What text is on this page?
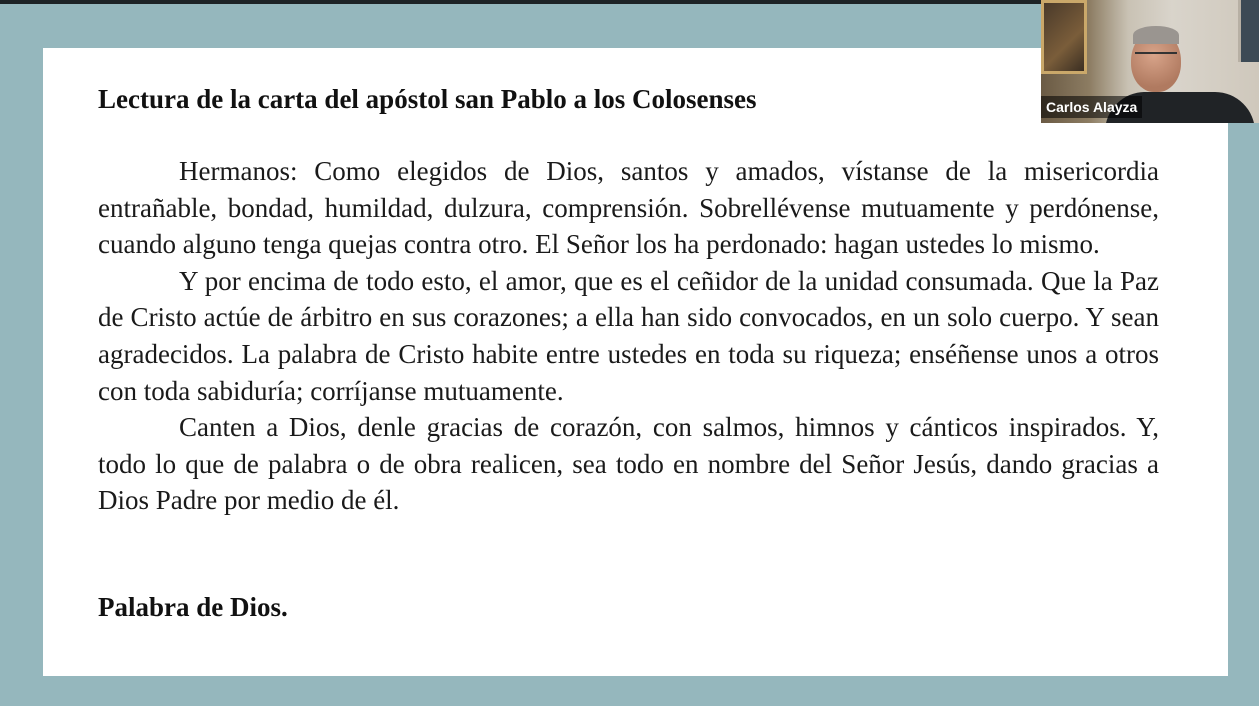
Lectura de la carta del apóstol san Pablo a los Colosenses

Hermanos: Como elegidos de Dios, santos y amados, vístanse de la misericordia entrañable, bondad, humildad, dulzura, comprensión. Sobrellévense mutuamente y perdónense, cuando alguno tenga quejas contra otro. El Señor los ha perdonado: hagan ustedes lo mismo.

Y por encima de todo esto, el amor, que es el ceñidor de la unidad consumada. Que la Paz de Cristo actúe de árbitro en sus corazones; a ella han sido convocados, en un solo cuerpo. Y sean agradecidos. La palabra de Cristo habite entre ustedes en toda su riqueza; enséñense unos a otros con toda sabiduría; corríjanse mutuamente.

Canten a Dios, denle gracias de corazón, con salmos, himnos y cánticos inspirados. Y, todo lo que de palabra o de obra realicen, sea todo en nombre del Señor Jesús, dando gracias a Dios Padre por medio de él.

Palabra de Dios.

Carlos Alayza
zoom
